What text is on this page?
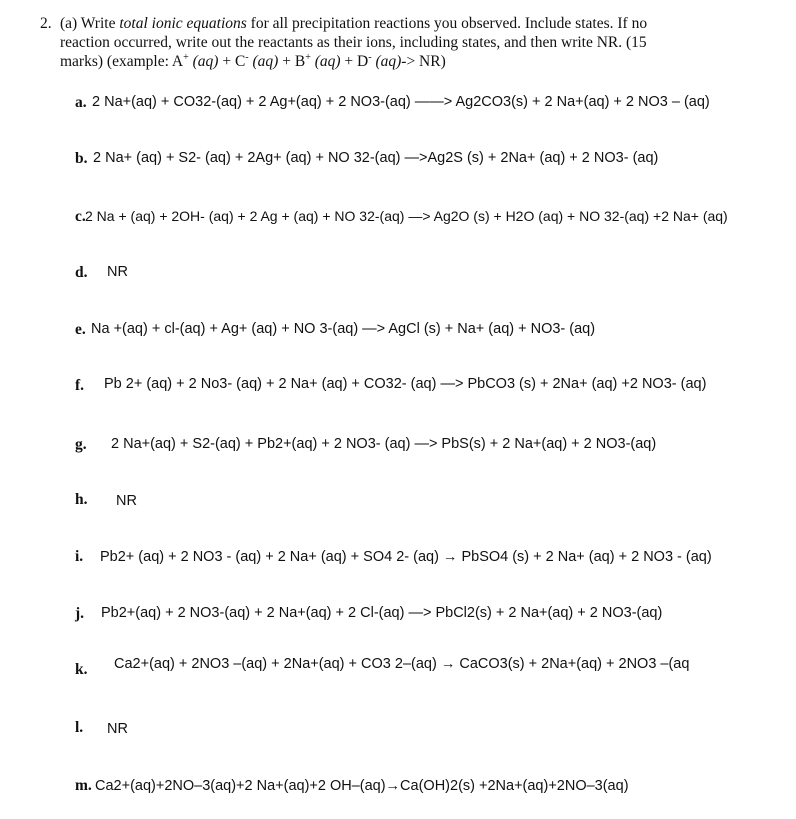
2. (a) Write total ionic equations for all precipitation reactions you observed. Include states. If no
reaction occurred, write out the reactants as their ions, including states, and then write NR. (15
marks) (example: A+ (aq) + C- (aq) + B+ (aq) + D- (aq)-> NR)
a. 2 Na+(aq) + CO32-(aq) + 2 Ag+(aq) + 2 NO3-(aq) ——> Ag2CO3(s) + 2 Na+(aq) + 2 NO3 – (aq)
b. 2 Na+ (aq) + S2- (aq) + 2Ag+ (aq) + NO 32-(aq) —>Ag2S (s) + 2Na+ (aq) + 2 NO3- (aq)
c. 2 Na + (aq) + 2OH- (aq) + 2 Ag + (aq) + NO 32-(aq) —> Ag2O (s) + H2O (aq) + NO 32-(aq) +2 Na+ (aq)
d. NR
e. Na +(aq) + cl-(aq) + Ag+ (aq) + NO 3-(aq) —> AgCl (s) + Na+ (aq) + NO3- (aq)
f. Pb 2+ (aq) + 2 No3- (aq) + 2 Na+ (aq) + CO32- (aq) —> PbCO3 (s) + 2Na+ (aq) +2 NO3- (aq)
g. 2 Na+(aq) + S2-(aq) + Pb2+(aq) + 2 NO3- (aq) —> PbS(s) + 2 Na+(aq) + 2 NO3-(aq)
h. NR
i. Pb2+ (aq) + 2 NO3 - (aq) + 2 Na+ (aq) + SO4 2- (aq) → PbSO4 (s) + 2 Na+ (aq) + 2 NO3 - (aq)
j. Pb2+(aq) + 2 NO3-(aq) + 2 Na+(aq) + 2 Cl-(aq) —> PbCl2(s) + 2 Na+(aq) + 2 NO3-(aq)
k. Ca2+(aq) + 2NO3 –(aq) + 2Na+(aq) + CO3 2–(aq) → CaCO3(s) + 2Na+(aq) + 2NO3 –(aq
l. NR
m. Ca2+(aq)+2NO–3(aq)+2 Na+(aq)+2 OH–(aq)→Ca(OH)2(s) +2Na+(aq)+2NO–3(aq)
